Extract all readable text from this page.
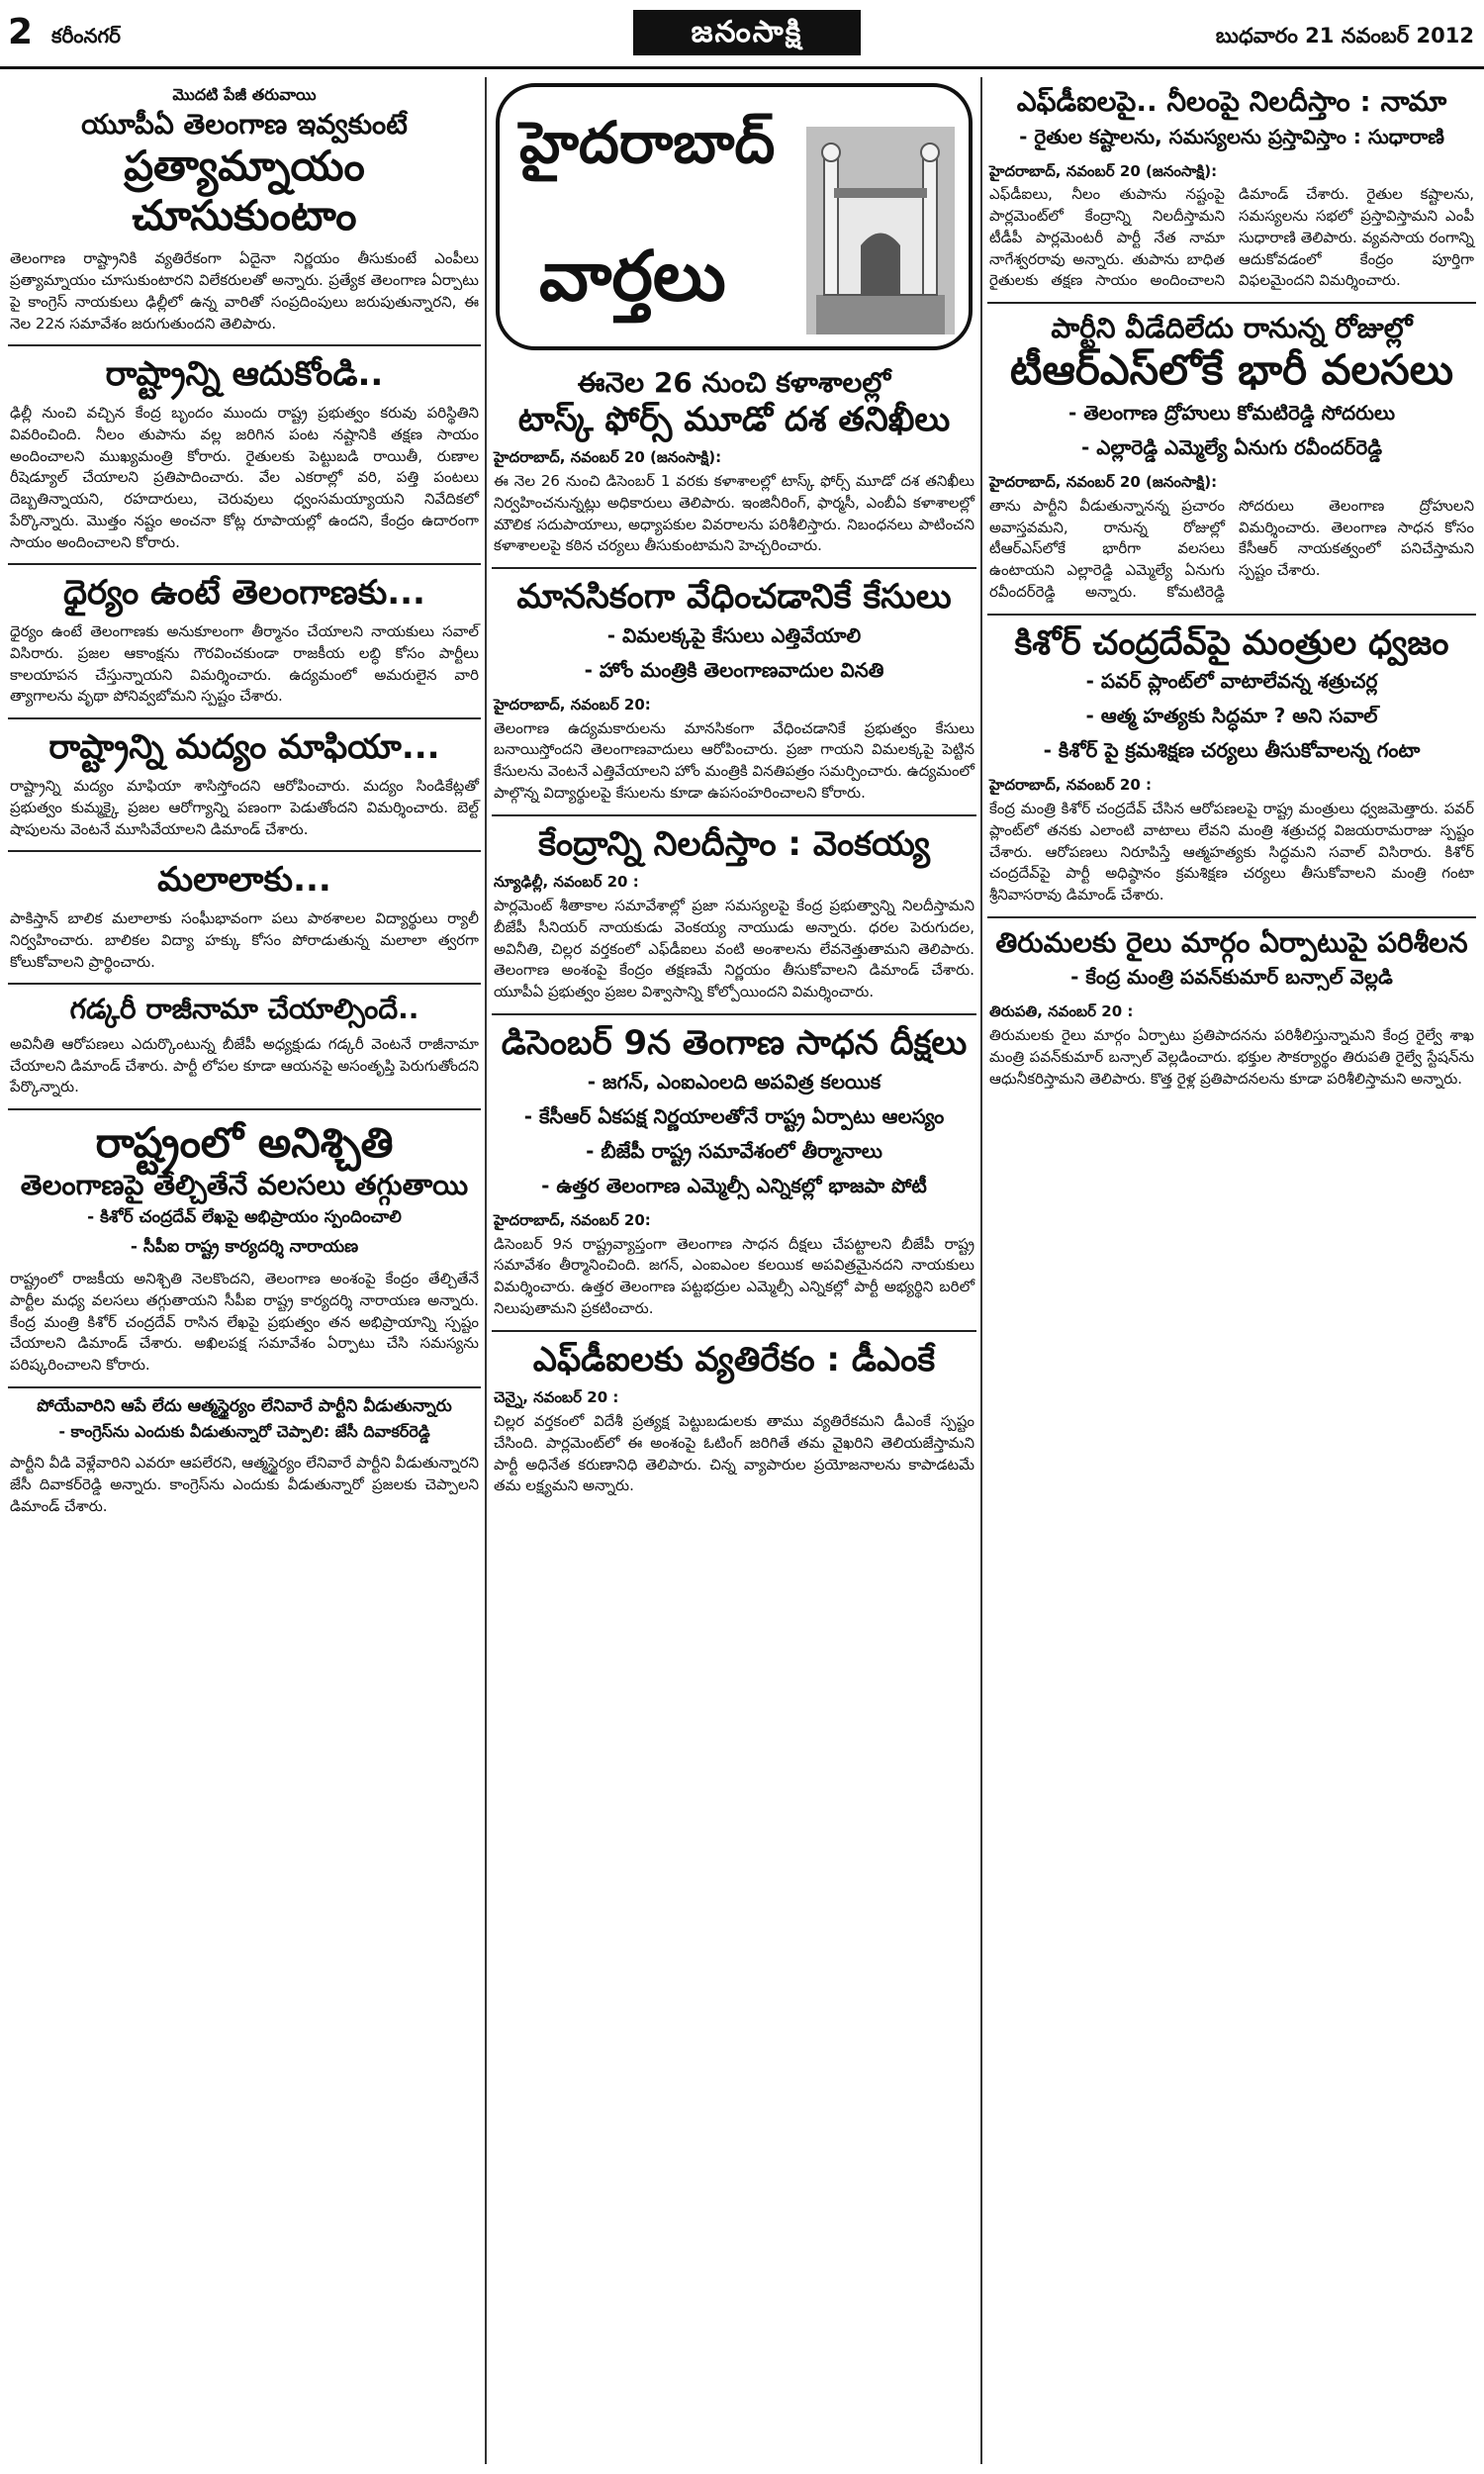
2 కరీంనగర్	జనంసాక్షి	బుధవారం 21 నవంబర్ 2012
మొదటి పేజీ తరువాయి
యూపీఏ తెలంగాణ ఇవ్వకుంటే
ప్రత్యామ్నాయం చూసుకుంటాం
తెలంగాణ రాష్ట్రానికి వ్యతిరేకంగా ఏదైనా నిర్ణయం తీసుకుంటే ఎంపీలు ప్రత్యామ్నాయం చూసుకుంటారని విలేకరులతో అన్నారు. ప్రత్యేక తెలంగాణ ఏర్పాటు పై కాంగ్రెస్ నాయకులు ఢిల్లీలో ఉన్న వారితో సంప్రదింపులు జరుపుతున్నారని, ఈ నెల 22న సమావేశం జరుగుతుందని తెలిపారు.
రాష్ట్రాన్ని ఆదుకోండి..
ఢిల్లీ నుంచి వచ్చిన కేంద్ర బృందం ముందు రాష్ట్ర ప్రభుత్వం కరువు పరిస్థితిని వివరించింది. నీలం తుపాను వల్ల జరిగిన పంట నష్టానికి తక్షణ సాయం అందించాలని ముఖ్యమంత్రి కోరారు. రైతులకు పెట్టుబడి రాయితీ, రుణాల రీషెడ్యూల్ చేయాలని ప్రతిపాదించారు. వేల ఎకరాల్లో వరి, పత్తి పంటలు దెబ్బతిన్నాయని, రహదారులు, చెరువులు ధ్వంసమయ్యాయని నివేదికలో పేర్కొన్నారు. మొత్తం నష్టం అంచనా కోట్ల రూపాయల్లో ఉందని, కేంద్రం ఉదారంగా సాయం అందించాలని కోరారు.
ధైర్యం ఉంటే తెలంగాణకు...
ధైర్యం ఉంటే తెలంగాణకు అనుకూలంగా తీర్మానం చేయాలని నాయకులు సవాల్ విసిరారు. ప్రజల ఆకాంక్షను గౌరవించకుండా రాజకీయ లబ్ధి కోసం పార్టీలు కాలయాపన చేస్తున్నాయని విమర్శించారు. ఉద్యమంలో అమరులైన వారి త్యాగాలను వృథా పోనివ్వబోమని స్పష్టం చేశారు.
రాష్ట్రాన్ని మద్యం మాఫియా...
రాష్ట్రాన్ని మద్యం మాఫియా శాసిస్తోందని ఆరోపించారు. మద్యం సిండికేట్లతో ప్రభుత్వం కుమ్మక్కై ప్రజల ఆరోగ్యాన్ని పణంగా పెడుతోందని విమర్శించారు. బెల్ట్ షాపులను వెంటనే మూసివేయాలని డిమాండ్ చేశారు.
మలాలాకు...
పాకిస్తాన్ బాలిక మలాలాకు సంఘీభావంగా పలు పాఠశాలల విద్యార్థులు ర్యాలీ నిర్వహించారు. బాలికల విద్యా హక్కు కోసం పోరాడుతున్న మలాలా త్వరగా కోలుకోవాలని ప్రార్థించారు.
గడ్కరీ రాజీనామా చేయాల్సిందే..
అవినీతి ఆరోపణలు ఎదుర్కొంటున్న బీజేపీ అధ్యక్షుడు గడ్కరీ వెంటనే రాజీనామా చేయాలని డిమాండ్ చేశారు. పార్టీ లోపల కూడా ఆయనపై అసంతృప్తి పెరుగుతోందని పేర్కొన్నారు.
రాష్ట్రంలో అనిశ్చితి
తెలంగాణపై తేల్చితేనే వలసలు తగ్గుతాయి
- కిశోర్ చంద్రదేవ్ లేఖపై అభిప్రాయం స్పందించాలి
- సీపీఐ రాష్ట్ర కార్యదర్శి నారాయణ
రాష్ట్రంలో రాజకీయ అనిశ్చితి నెలకొందని, తెలంగాణ అంశంపై కేంద్రం తేల్చితేనే పార్టీల మధ్య వలసలు తగ్గుతాయని సీపీఐ రాష్ట్ర కార్యదర్శి నారాయణ అన్నారు. కేంద్ర మంత్రి కిశోర్ చంద్రదేవ్ రాసిన లేఖపై ప్రభుత్వం తన అభిప్రాయాన్ని స్పష్టం చేయాలని డిమాండ్ చేశారు. అఖిలపక్ష సమావేశం ఏర్పాటు చేసి సమస్యను పరిష్కరించాలని కోరారు.
పోయేవారిని ఆపే లేదు ఆత్మస్థైర్యం లేనివారే పార్టీని వీడుతున్నారు
- కాంగ్రెస్‌ను ఎందుకు వీడుతున్నారో చెప్పాలి: జేసీ దివాకర్‌రెడ్డి
పార్టీని వీడి వెళ్లేవారిని ఎవరూ ఆపలేరని, ఆత్మస్థైర్యం లేనివారే పార్టీని వీడుతున్నారని జేసీ దివాకర్‌రెడ్డి అన్నారు. కాంగ్రెస్‌ను ఎందుకు వీడుతున్నారో ప్రజలకు చెప్పాలని డిమాండ్ చేశారు.
హైదరాబాద్
వార్తలు
ఈనెల 26 నుంచి కళాశాలల్లో
టాస్క్ ఫోర్స్ మూడో దశ తనిఖీలు
హైదరాబాద్, నవంబర్ 20 (జనంసాక్షి):
ఈ నెల 26 నుంచి డిసెంబర్ 1 వరకు కళాశాలల్లో టాస్క్ ఫోర్స్ మూడో దశ తనిఖీలు నిర్వహించనున్నట్లు అధికారులు తెలిపారు. ఇంజినీరింగ్, ఫార్మసీ, ఎంబీఏ కళాశాలల్లో మౌలిక సదుపాయాలు, అధ్యాపకుల వివరాలను పరిశీలిస్తారు. నిబంధనలు పాటించని కళాశాలలపై కఠిన చర్యలు తీసుకుంటామని హెచ్చరించారు.
మానసికంగా వేధించడానికే కేసులు
- విమలక్కపై కేసులు ఎత్తివేయాలి
- హోం మంత్రికి తెలంగాణవాదుల వినతి
హైదరాబాద్, నవంబర్ 20:
తెలంగాణ ఉద్యమకారులను మానసికంగా వేధించడానికే ప్రభుత్వం కేసులు బనాయిస్తోందని తెలంగాణవాదులు ఆరోపించారు. ప్రజా గాయని విమలక్కపై పెట్టిన కేసులను వెంటనే ఎత్తివేయాలని హోం మంత్రికి వినతిపత్రం సమర్పించారు. ఉద్యమంలో పాల్గొన్న విద్యార్థులపై కేసులను కూడా ఉపసంహరించాలని కోరారు.
కేంద్రాన్ని నిలదీస్తాం : వెంకయ్య
న్యూఢిల్లీ, నవంబర్ 20 :
పార్లమెంట్ శీతాకాల సమావేశాల్లో ప్రజా సమస్యలపై కేంద్ర ప్రభుత్వాన్ని నిలదీస్తామని బీజేపీ సీనియర్ నాయకుడు వెంకయ్య నాయుడు అన్నారు. ధరల పెరుగుదల, అవినీతి, చిల్లర వర్తకంలో ఎఫ్‌డీఐలు వంటి అంశాలను లేవనెత్తుతామని తెలిపారు. తెలంగాణ అంశంపై కేంద్రం తక్షణమే నిర్ణయం తీసుకోవాలని డిమాండ్ చేశారు. యూపీఏ ప్రభుత్వం ప్రజల విశ్వాసాన్ని కోల్పోయిందని విమర్శించారు.
డిసెంబర్ 9న తెంగాణ సాధన దీక్షలు
- జగన్, ఎంఐఎంలది అపవిత్ర కలయిక
- కేసీఆర్ ఏకపక్ష నిర్ణయాలతోనే రాష్ట్ర ఏర్పాటు ఆలస్యం
- బీజేపీ రాష్ట్ర సమావేశంలో తీర్మానాలు
- ఉత్తర తెలంగాణ ఎమ్మెల్సీ ఎన్నికల్లో భాజపా పోటీ
హైదరాబాద్, నవంబర్ 20:
డిసెంబర్ 9న రాష్ట్రవ్యాప్తంగా తెలంగాణ సాధన దీక్షలు చేపట్టాలని బీజేపీ రాష్ట్ర సమావేశం తీర్మానించింది. జగన్, ఎంఐఎంల కలయిక అపవిత్రమైనదని నాయకులు విమర్శించారు. ఉత్తర తెలంగాణ పట్టభద్రుల ఎమ్మెల్సీ ఎన్నికల్లో పార్టీ అభ్యర్థిని బరిలో నిలుపుతామని ప్రకటించారు.
ఎఫ్‌డీఐలకు వ్యతిరేకం : డీఎంకే
చెన్నై, నవంబర్ 20 :
చిల్లర వర్తకంలో విదేశీ ప్రత్యక్ష పెట్టుబడులకు తాము వ్యతిరేకమని డీఎంకే స్పష్టం చేసింది. పార్లమెంట్‌లో ఈ అంశంపై ఓటింగ్ జరిగితే తమ వైఖరిని తెలియజేస్తామని పార్టీ అధినేత కరుణానిధి తెలిపారు. చిన్న వ్యాపారుల ప్రయోజనాలను కాపాడటమే తమ లక్ష్యమని అన్నారు.
ఎఫ్‌డీఐలపై.. నీలంపై నిలదీస్తాం : నామా
- రైతుల కష్టాలను, సమస్యలను ప్రస్తావిస్తాం : సుధారాణి
హైదరాబాద్, నవంబర్ 20 (జనంసాక్షి):
ఎఫ్‌డీఐలు, నీలం తుపాను నష్టంపై పార్లమెంట్‌లో కేంద్రాన్ని నిలదీస్తామని టీడీపీ పార్లమెంటరీ పార్టీ నేత నామా నాగేశ్వరరావు అన్నారు. తుపాను బాధిత రైతులకు తక్షణ సాయం అందించాలని డిమాండ్ చేశారు. రైతుల కష్టాలను, సమస్యలను సభలో ప్రస్తావిస్తామని ఎంపీ సుధారాణి తెలిపారు. వ్యవసాయ రంగాన్ని ఆదుకోవడంలో కేంద్రం పూర్తిగా విఫలమైందని విమర్శించారు.
పార్టీని వీడేదిలేదు రానున్న రోజుల్లో
టీఆర్ఎస్‌లోకే భారీ వలసలు
- తెలంగాణ ద్రోహులు కోమటిరెడ్డి సోదరులు
- ఎల్లారెడ్డి ఎమ్మెల్యే ఏనుగు రవీందర్‌రెడ్డి
హైదరాబాద్, నవంబర్ 20 (జనంసాక్షి):
తాను పార్టీని వీడుతున్నానన్న ప్రచారం అవాస్తవమని, రానున్న రోజుల్లో టీఆర్ఎస్‌లోకే భారీగా వలసలు ఉంటాయని ఎల్లారెడ్డి ఎమ్మెల్యే ఏనుగు రవీందర్‌రెడ్డి అన్నారు. కోమటిరెడ్డి సోదరులు తెలంగాణ ద్రోహులని విమర్శించారు. తెలంగాణ సాధన కోసం కేసీఆర్ నాయకత్వంలో పనిచేస్తామని స్పష్టం చేశారు.
కిశోర్ చంద్రదేవ్‌పై మంత్రుల ధ్వజం
- పవర్ ప్లాంట్‌లో వాటాలేవన్న శత్రుచర్ల
- ఆత్మ హత్యకు సిద్ధమా ? అని సవాల్
- కిశోర్ పై క్రమశిక్షణ చర్యలు తీసుకోవాలన్న గంటా
హైదరాబాద్, నవంబర్ 20 :
కేంద్ర మంత్రి కిశోర్ చంద్రదేవ్ చేసిన ఆరోపణలపై రాష్ట్ర మంత్రులు ధ్వజమెత్తారు. పవర్ ప్లాంట్‌లో తనకు ఎలాంటి వాటాలు లేవని మంత్రి శత్రుచర్ల విజయరామరాజు స్పష్టం చేశారు. ఆరోపణలు నిరూపిస్తే ఆత్మహత్యకు సిద్ధమని సవాల్ విసిరారు. కిశోర్ చంద్రదేవ్‌పై పార్టీ అధిష్ఠానం క్రమశిక్షణ చర్యలు తీసుకోవాలని మంత్రి గంటా శ్రీనివాసరావు డిమాండ్ చేశారు.
తిరుమలకు రైలు మార్గం ఏర్పాటుపై పరిశీలన
- కేంద్ర మంత్రి పవన్‌కుమార్ బన్సాల్ వెల్లడి
తిరుపతి, నవంబర్ 20 :
తిరుమలకు రైలు మార్గం ఏర్పాటు ప్రతిపాదనను పరిశీలిస్తున్నామని కేంద్ర రైల్వే శాఖ మంత్రి పవన్‌కుమార్ బన్సాల్ వెల్లడించారు. భక్తుల సౌకర్యార్థం తిరుపతి రైల్వే స్టేషన్‌ను ఆధునీకరిస్తామని తెలిపారు. కొత్త రైళ్ల ప్రతిపాదనలను కూడా పరిశీలిస్తామని అన్నారు.
